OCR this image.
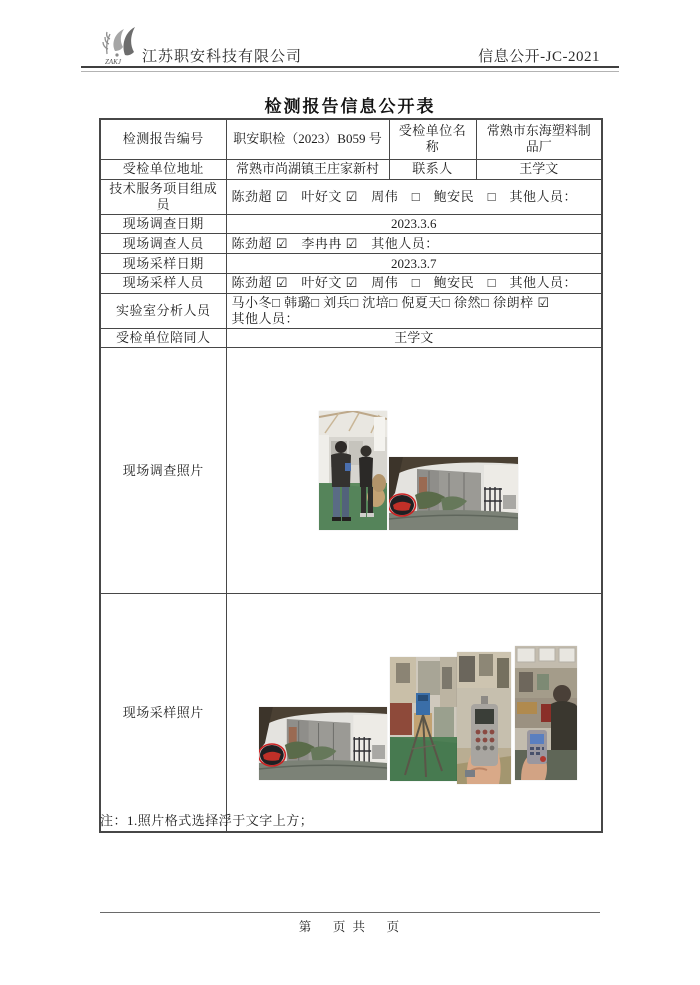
ZAKJ 江苏职安科技有限公司	信息公开-JC-2021
检测报告信息公开表
检测报告编号	职安职检（2023）B059 号	受检单位名称	常熟市东海塑料制品厂
受检单位地址	常熟市尚湖镇王庄家新村	联系人	王学文
技术服务项目组成员	陈劲超 ☑　叶好文 ☑　周伟　□　鲍安民　□　其他人员：		
现场调查日期	2023.3.6		
现场调查人员	陈劲超 ☑　李冉冉 ☑　其他人员：		
现场采样日期	2023.3.7		
现场采样人员	陈劲超 ☑　叶好文 ☑　周伟　□　鲍安民　□　其他人员：		
实验室分析人员	马小冬□ 韩璐□ 刘兵□ 沈培□ 倪夏天□ 徐然□ 徐朗梓 ☑
其他人员：		
受检单位陪同人	王学文		
现场调查照片	

现场采样照片	
注：1.照片格式选择浮于文字上方；
第　 页 共 　页
